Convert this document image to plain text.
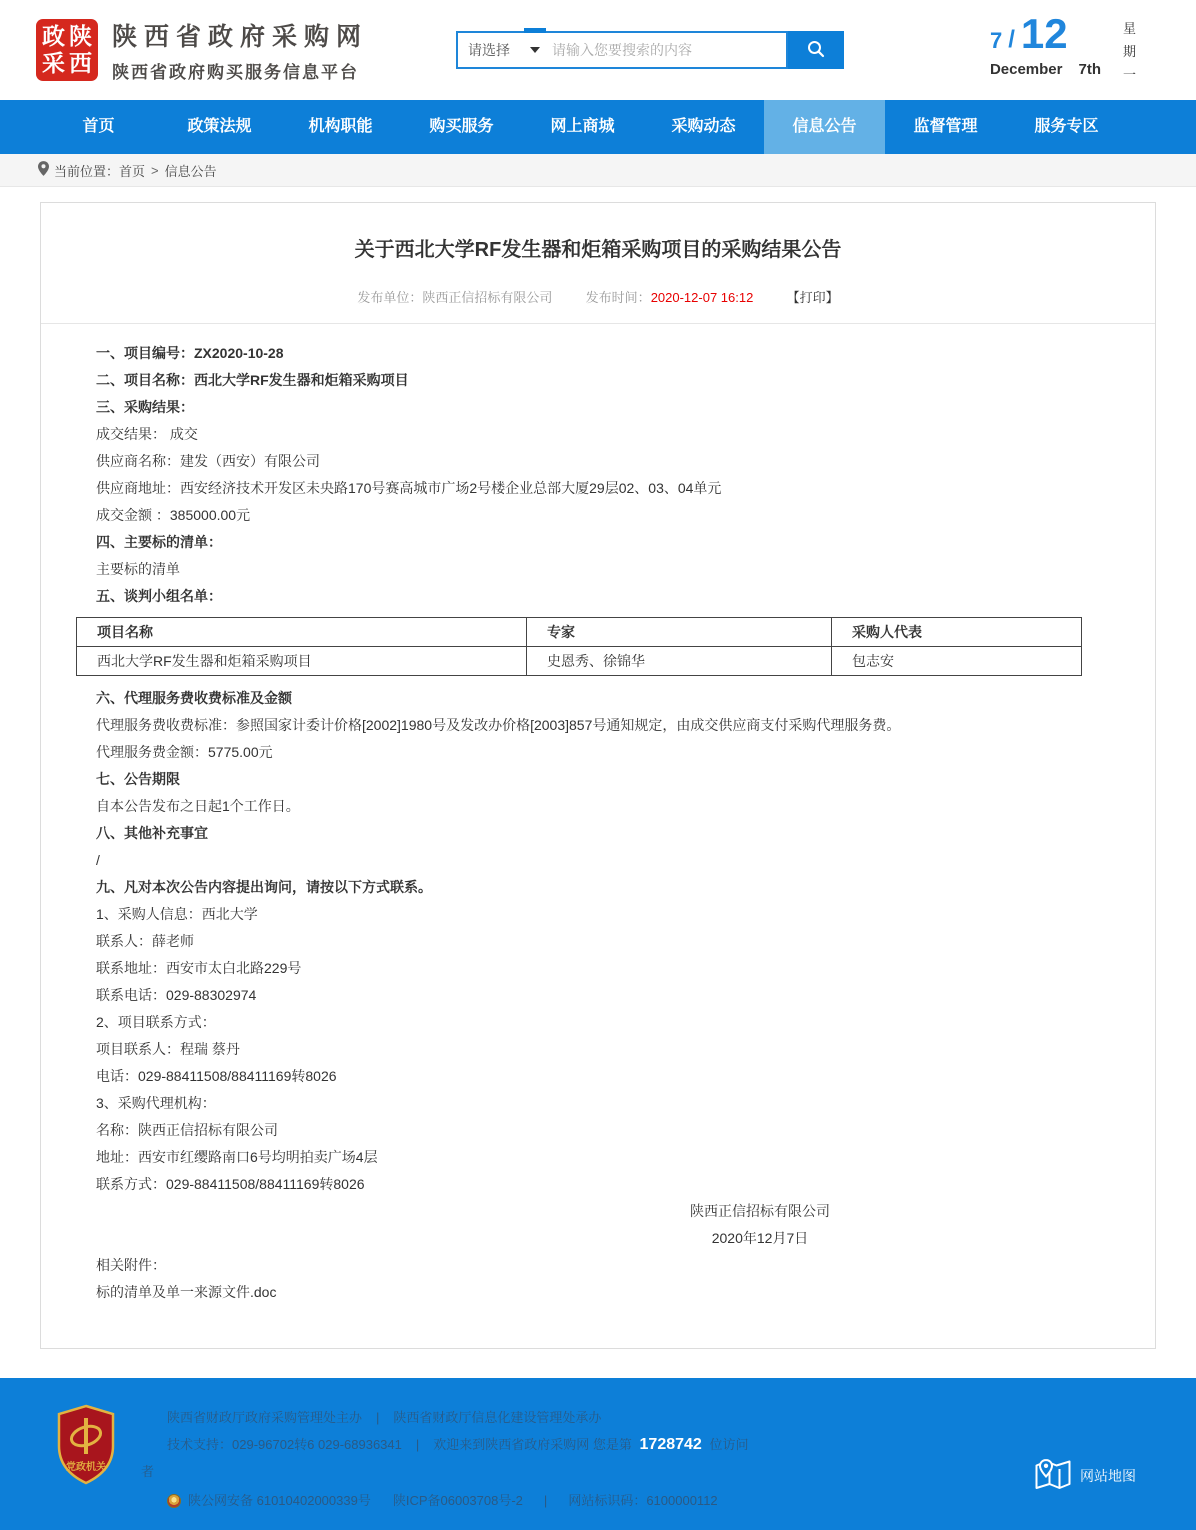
政 陕
采 西
陕西省政府采购网
陕西省政府购买服务信息平台
请选择
请输入您要搜索的内容	7 / 12
December 7th
星
期
一
首页	政策法规	机构职能	购买服务	网上商城	采购动态	信息公告	监督管理	服务专区
当前位置： 首页 > 信息公告
关于西北大学RF发生器和炬箱采购项目的采购结果公告
发布单位：陕西正信招标有限公司	发布时间：2020-12-07 16:12	【打印】

一、项目编号：ZX2020-10-28

二、项目名称：西北大学RF发生器和炬箱采购项目

三、采购结果：

成交结果： 成交

供应商名称：建发（西安）有限公司

供应商地址：西安经济技术开发区未央路170号赛高城市广场2号楼企业总部大厦29层02、03、04单元

成交金额 ：385000.00元

四、主要标的清单：

主要标的清单

五、谈判小组名单：

项目名称	专家	采购人代表
西北大学RF发生器和炬箱采购项目	史恩秀、徐锦华	包志安

六、代理服务费收费标准及金额

代理服务费收费标准：参照国家计委计价格[2002]1980号及发改办价格[2003]857号通知规定，由成交供应商支付采购代理服务费。

代理服务费金额：5775.00元

七、公告期限

自本公告发布之日起1个工作日。

八、其他补充事宜

/

九、凡对本次公告内容提出询问，请按以下方式联系。

1、采购人信息：西北大学

联系人：薛老师

联系地址：西安市太白北路229号

联系电话：029-88302974

2、项目联系方式：

项目联系人：程瑞 蔡丹

电话：029-88411508/88411169转8026

3、采购代理机构：

名称：陕西正信招标有限公司

地址：西安市红缨路南口6号均明拍卖广场4层

联系方式：029-88411508/88411169转8026

陕西正信招标有限公司

2020年12月7日

相关附件：

标的清单及单一来源文件.doc

党政机关
陕西省财政厅政府采购管理处主办 | 陕西省财政厅信息化建设管理处承办
技术支持：029-96702转6 029-68936341 | 欢迎来到陕西省政府采购网 您是第 1728742 位访问
者
陕公网安备 61010402000339号 陕ICP备06003708号-2 | 网站标识码：6100000112
网站地图
